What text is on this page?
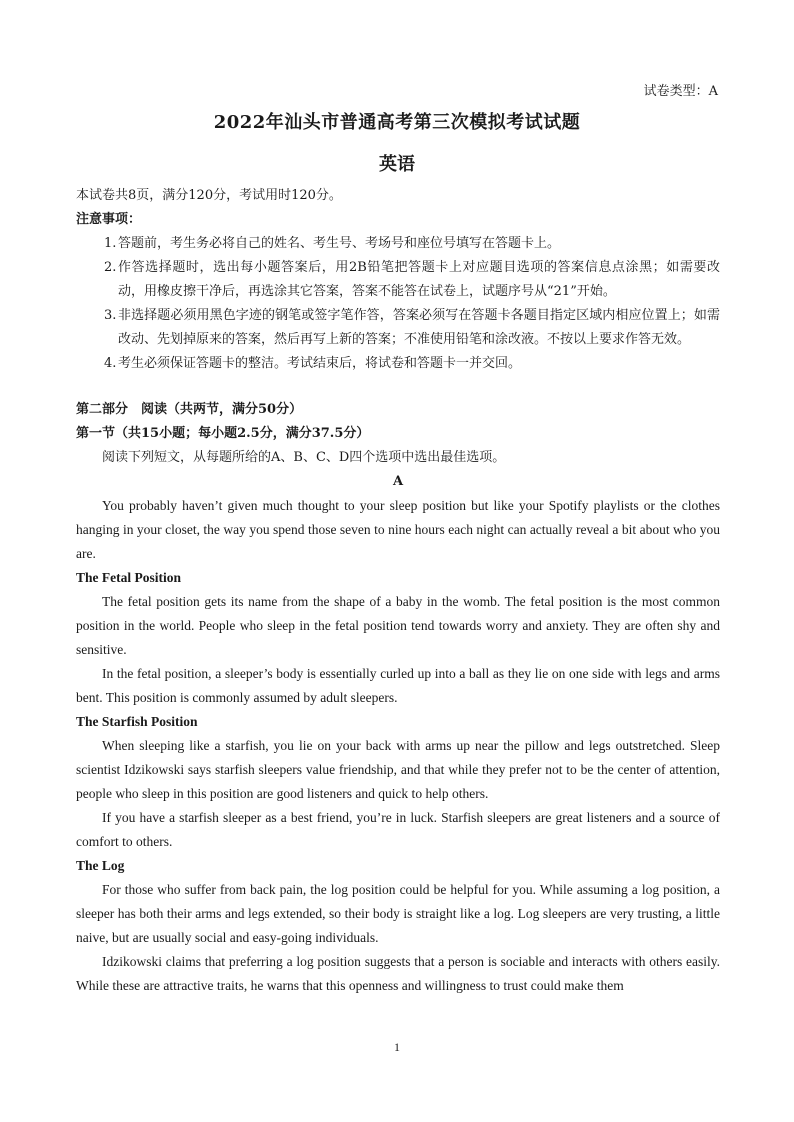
试卷类型：A
2022年汕头市普通高考第三次模拟考试试题
英语

本试卷共8页，满分120分，考试用时120分。

注意事项：

1. 答题前，考生务必将自己的姓名、考生号、考场号和座位号填写在答题卡上。
2. 作答选择题时，选出每小题答案后，用2B铅笔把答题卡上对应题目选项的答案信息点涂黑；如需要改动，用橡皮擦干净后，再选涂其它答案，答案不能答在试卷上，试题序号从“21”开始。
3. 非选择题必须用黑色字迹的钢笔或签字笔作答，答案必须写在答题卡各题目指定区域内相应位置上；如需改动、先划掉原来的答案，然后再写上新的答案；不准使用铅笔和涂改液。不按以上要求作答无效。
4. 考生必须保证答题卡的整洁。考试结束后，将试卷和答题卡一并交回。

第二部分　阅读（共两节，满分50分）

第一节（共15小题；每小题2.5分，满分37.5分）

阅读下列短文，从每题所给的A、B、C、D四个选项中选出最佳选项。

A

You probably haven’t given much thought to your sleep position but like your Spotify playlists or the clothes hanging in your closet, the way you spend those seven to nine hours each night can actually reveal a bit about who you are.

The Fetal Position

The fetal position gets its name from the shape of a baby in the womb. The fetal position is the most common position in the world. People who sleep in the fetal position tend towards worry and anxiety. They are often shy and sensitive.

In the fetal position, a sleeper’s body is essentially curled up into a ball as they lie on one side with legs and arms bent. This position is commonly assumed by adult sleepers.

The Starfish Position

When sleeping like a starfish, you lie on your back with arms up near the pillow and legs outstretched. Sleep scientist Idzikowski says starfish sleepers value friendship, and that while they prefer not to be the center of attention, people who sleep in this position are good listeners and quick to help others.

If you have a starfish sleeper as a best friend, you’re in luck. Starfish sleepers are great listeners and a source of comfort to others.

The Log

For those who suffer from back pain, the log position could be helpful for you. While assuming a log position, a sleeper has both their arms and legs extended, so their body is straight like a log. Log sleepers are very trusting, a little naive, but are usually social and easy-going individuals.

Idzikowski claims that preferring a log position suggests that a person is sociable and interacts with others easily. While these are attractive traits, he warns that this openness and willingness to trust could make them

1
